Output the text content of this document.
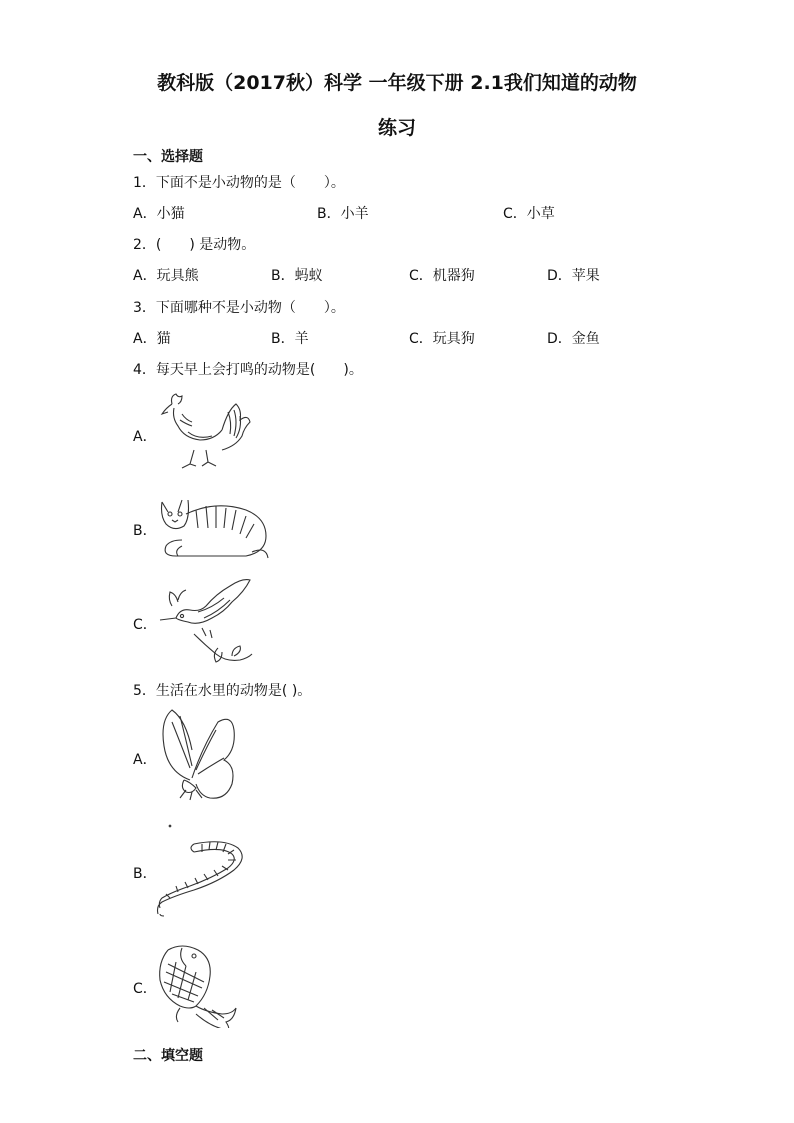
教科版（2017秋）科学 一年级下册 2.1我们知道的动物
练习
一、选择题
1．下面不是小动物的是（　　）。
A．小猫	B．小羊	C．小草
2．(　　) 是动物。
A．玩具熊	B．蚂蚁	C．机器狗	D．苹果
3．下面哪种不是小动物（　　）。
A．猫	B．羊	C．玩具狗	D．金鱼
4．每天早上会打鸣的动物是(　　)。
A．
B．
C．
5．生活在水里的动物是( )。
A．
B．
C．
二、填空题
